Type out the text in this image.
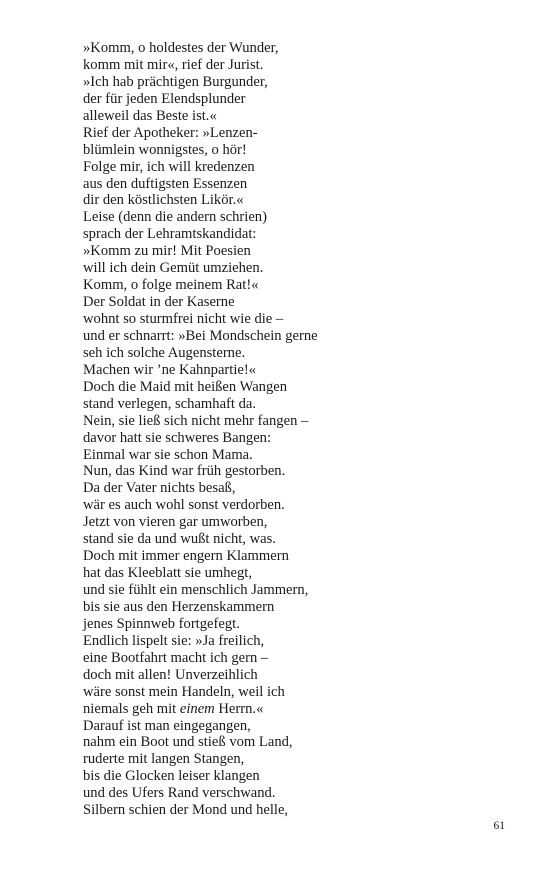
»Komm, o holdestes der Wunder,
komm mit mir«, rief der Jurist.
»Ich hab prächtigen Burgunder,
der für jeden Elendsplunder
alleweil das Beste ist.«
Rief der Apotheker: »Lenzen-
blümlein wonnigstes, o hör!
Folge mir, ich will kredenzen
aus den duftigsten Essenzen
dir den köstlichsten Likör.«
Leise (denn die andern schrien)
sprach der Lehramtskandidat:
»Komm zu mir! Mit Poesien
will ich dein Gemüt umziehen.
Komm, o folge meinem Rat!«
Der Soldat in der Kaserne
wohnt so sturmfrei nicht wie die –
und er schnarrt: »Bei Mondschein gerne
seh ich solche Augensterne.
Machen wir ’ne Kahnpartie!«
Doch die Maid mit heißen Wangen
stand verlegen, schamhaft da.
Nein, sie ließ sich nicht mehr fangen –
davor hatt sie schweres Bangen:
Einmal war sie schon Mama.
Nun, das Kind war früh gestorben.
Da der Vater nichts besaß,
wär es auch wohl sonst verdorben.
Jetzt von vieren gar umworben,
stand sie da und wußt nicht, was.
Doch mit immer engern Klammern
hat das Kleeblatt sie umhegt,
und sie fühlt ein menschlich Jammern,
bis sie aus den Herzenskammern
jenes Spinnweb fortgefegt.
Endlich lispelt sie: »Ja freilich,
eine Bootfahrt macht ich gern –
doch mit allen! Unverzeihlich
wäre sonst mein Handeln, weil ich
niemals geh mit einem Herrn.«
Darauf ist man eingegangen,
nahm ein Boot und stieß vom Land,
ruderte mit langen Stangen,
bis die Glocken leiser klangen
und des Ufers Rand verschwand.
Silbern schien der Mond und helle,
61
